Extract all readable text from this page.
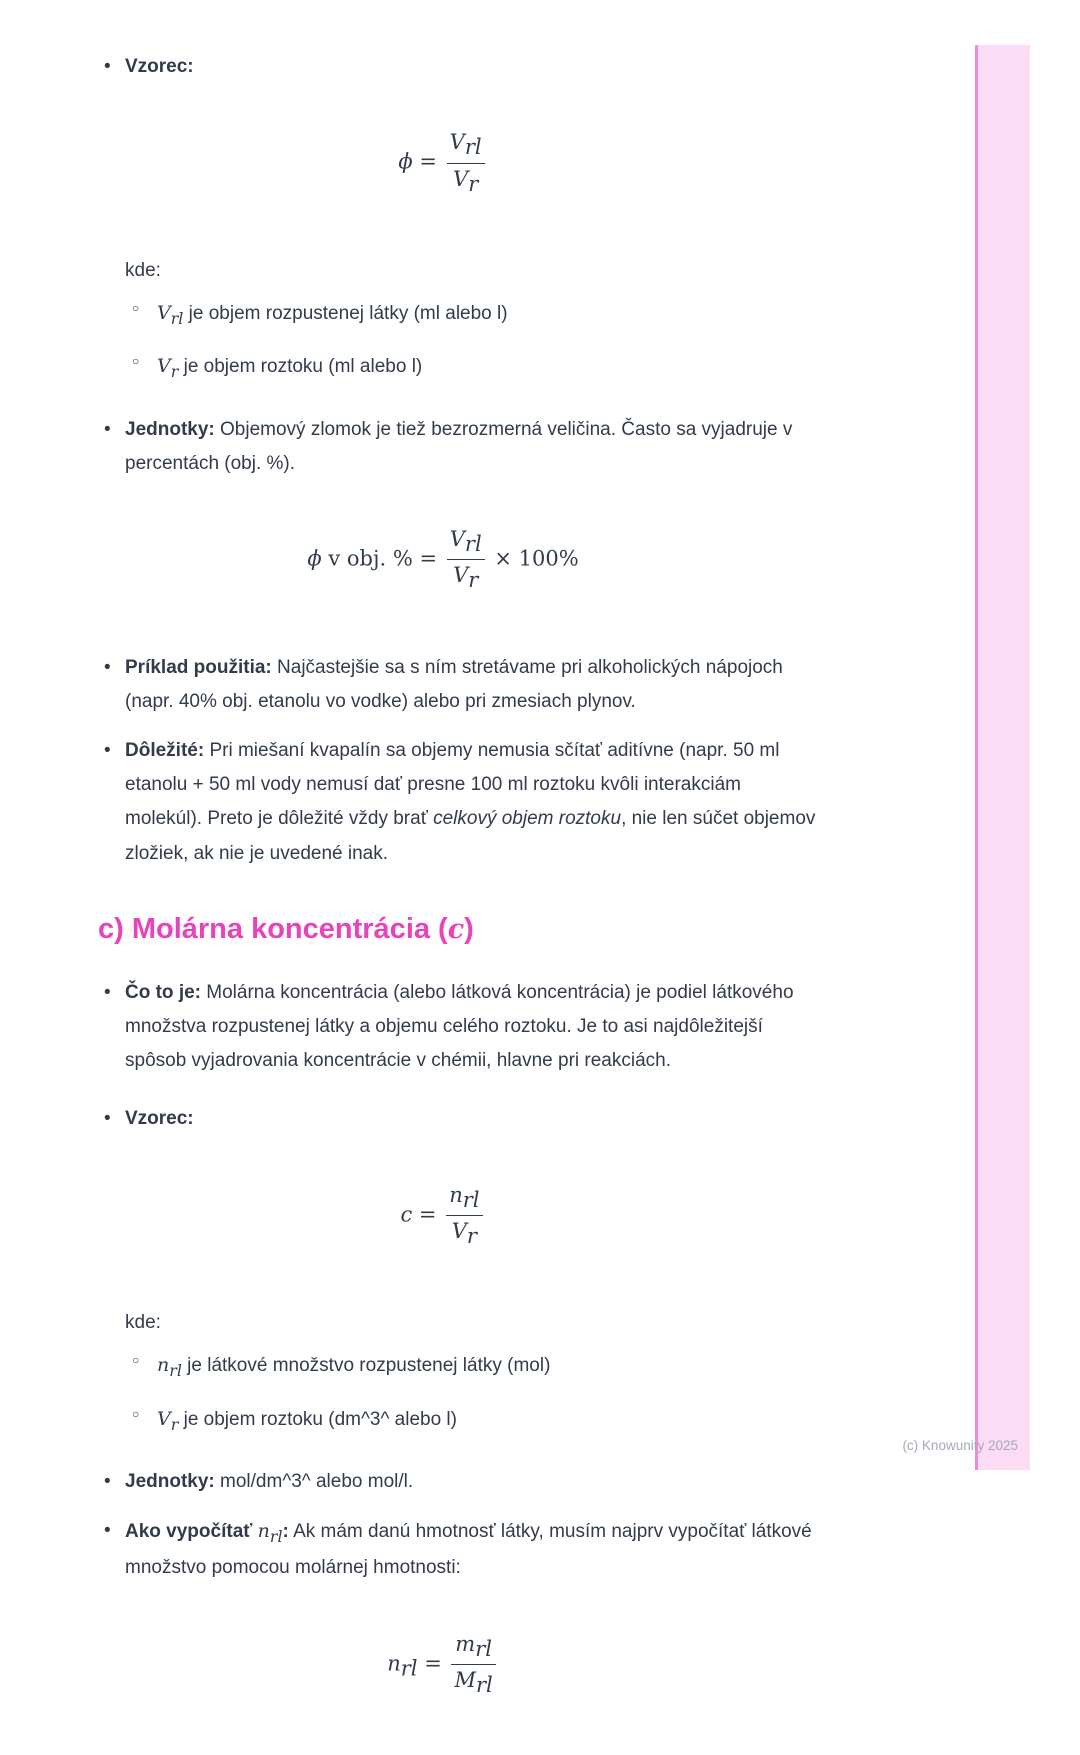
(c) Knowunity 2025
• Vzorec:
$\phi = \frac{V_{rl}}{V_r}$
kde:
○ $V_{rl}$ je objem rozpustenej látky (ml alebo l)
○ $V_r$ je objem roztoku (ml alebo l)
• Jednotky: Objemový zlomok je tiež bezrozmerná veličina. Často sa vyjadruje v percentách (obj. %).
ϕ v obj. % = $\frac{V_{rl}}{V_r} \times 100\%$
• Príklad použitia: Najčastejšie sa s ním stretávame pri alkoholických nápojoch (napr. 40% obj. etanolu vo vodke) alebo pri zmesiach plynov.
• Dôležité: Pri miešaní kvapalín sa objemy nemusia sčítať aditívne (napr. 50 ml etanolu + 50 ml vody nemusí dať presne 100 ml roztoku kvôli interakciám molekúl). Preto je dôležité vždy brať celkový objem roztoku, nie len súčet objemov zložiek, ak nie je uvedené inak.
c) Molárna koncentrácia (c)
• Čo to je: Molárna koncentrácia (alebo látková koncentrácia) je podiel látkového množstva rozpustenej látky a objemu celého roztoku. Je to asi najdôležitejší spôsob vyjadrovania koncentrácie v chémii, hlavne pri reakciách.
• Vzorec:
$c = \frac{n_{rl}}{V_r}$
kde:
○ $n_{rl}$ je látkové množstvo rozpustenej látky (mol)
○ $V_r$ je objem roztoku (dm^3^ alebo l)
• Jednotky: mol/dm^3^ alebo mol/l.
• Ako vypočítať $n_{rl}$: Ak mám danú hmotnosť látky, musím najprv vypočítať látkové množstvo pomocou molárnej hmotnosti:
$n_{rl} = \frac{m_{rl}}{M_{rl}}$
